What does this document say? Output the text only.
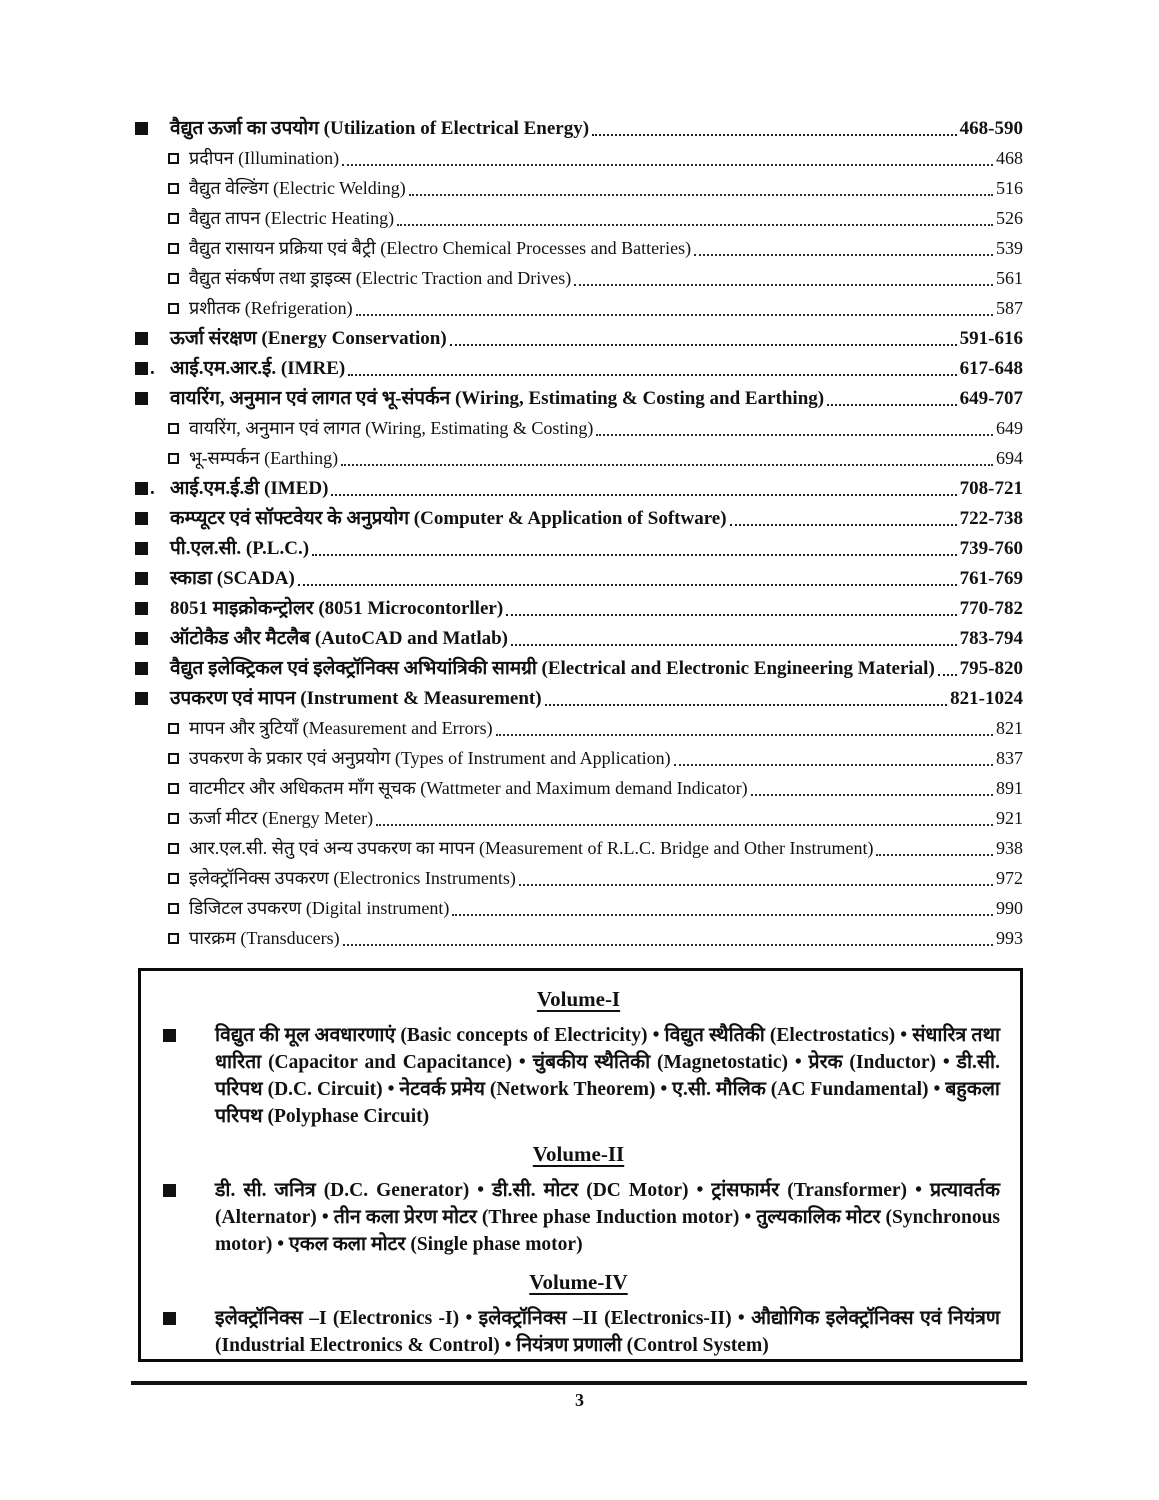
वैद्युत ऊर्जा का उपयोग (Utilization of Electrical Energy)	468-590
प्रदीपन (Illumination)	468
वैद्युत वेल्डिंग (Electric Welding)	516
वैद्युत तापन (Electric Heating)	526
वैद्युत रासायन प्रक्रिया एवं बैट्री (Electro Chemical Processes and Batteries)	539
वैद्युत संकर्षण तथा ड्राइव्स (Electric Traction and Drives)	561
प्रशीतक (Refrigeration)	587
ऊर्जा संरक्षण (Energy Conservation)	591-616
. आई.एम.आर.ई. (IMRE)	617-648
वायरिंग, अनुमान एवं लागत एवं भू-संपर्कन (Wiring, Estimating & Costing and Earthing)	649-707
वायरिंग, अनुमान एवं लागत (Wiring, Estimating & Costing)	649
भू-सम्पर्कन (Earthing)	694
. आई.एम.ई.डी (IMED)	708-721
कम्प्यूटर एवं सॉफ्टवेयर के अनुप्रयोग (Computer & Application of Software)	722-738
पी.एल.सी. (P.L.C.)	739-760
स्काडा (SCADA)	761-769
8051 माइक्रोकन्ट्रोलर (8051 Microcontorller)	770-782
ऑटोकैड और मैटलैब (AutoCAD and Matlab)	783-794
वैद्युत इलेक्ट्रिकल एवं इलेक्ट्रॉनिक्स अभियांत्रिकी सामग्री (Electrical and Electronic Engineering Material) 795-820
उपकरण एवं मापन (Instrument & Measurement)	821-1024
मापन और त्रुटियाँ (Measurement and Errors)	821
उपकरण के प्रकार एवं अनुप्रयोग (Types of Instrument and Application)	837
वाटमीटर और अधिकतम माँग सूचक (Wattmeter and Maximum demand Indicator)	891
ऊर्जा मीटर (Energy Meter)	921
आर.एल.सी. सेतु एवं अन्य उपकरण का मापन (Measurement of R.L.C. Bridge and Other Instrument)	938
इलेक्ट्रॉनिक्स उपकरण (Electronics Instruments)	972
डिजिटल उपकरण (Digital instrument)	990
पारक्रम (Transducers)	993
Volume-I
विद्युत की मूल अवधारणाएं (Basic concepts of Electricity) • विद्युत स्थैतिकी (Electrostatics) • संधारित्र तथा धारिता (Capacitor and Capacitance) • चुंबकीय स्थैतिकी (Magnetostatic) • प्रेरक (Inductor) • डी.सी. परिपथ (D.C. Circuit) • नेटवर्क प्रमेय (Network Theorem) • ए.सी. मौलिक (AC Fundamental) • बहुकला परिपथ (Polyphase Circuit)
Volume-II
डी. सी. जनित्र (D.C. Generator) • डी.सी. मोटर (DC Motor) • ट्रांसफार्मर (Transformer) • प्रत्यावर्तक (Alternator) • तीन कला प्रेरण मोटर (Three phase Induction motor) • तुल्यकालिक मोटर (Synchronous motor) • एकल कला मोटर (Single phase motor)
Volume-IV
इलेक्ट्रॉनिक्स –I (Electronics -I) • इलेक्ट्रॉनिक्स –II (Electronics-II) • औद्योगिक इलेक्ट्रॉनिक्स एवं नियंत्रण (Industrial Electronics & Control) • नियंत्रण प्रणाली (Control System)
3
